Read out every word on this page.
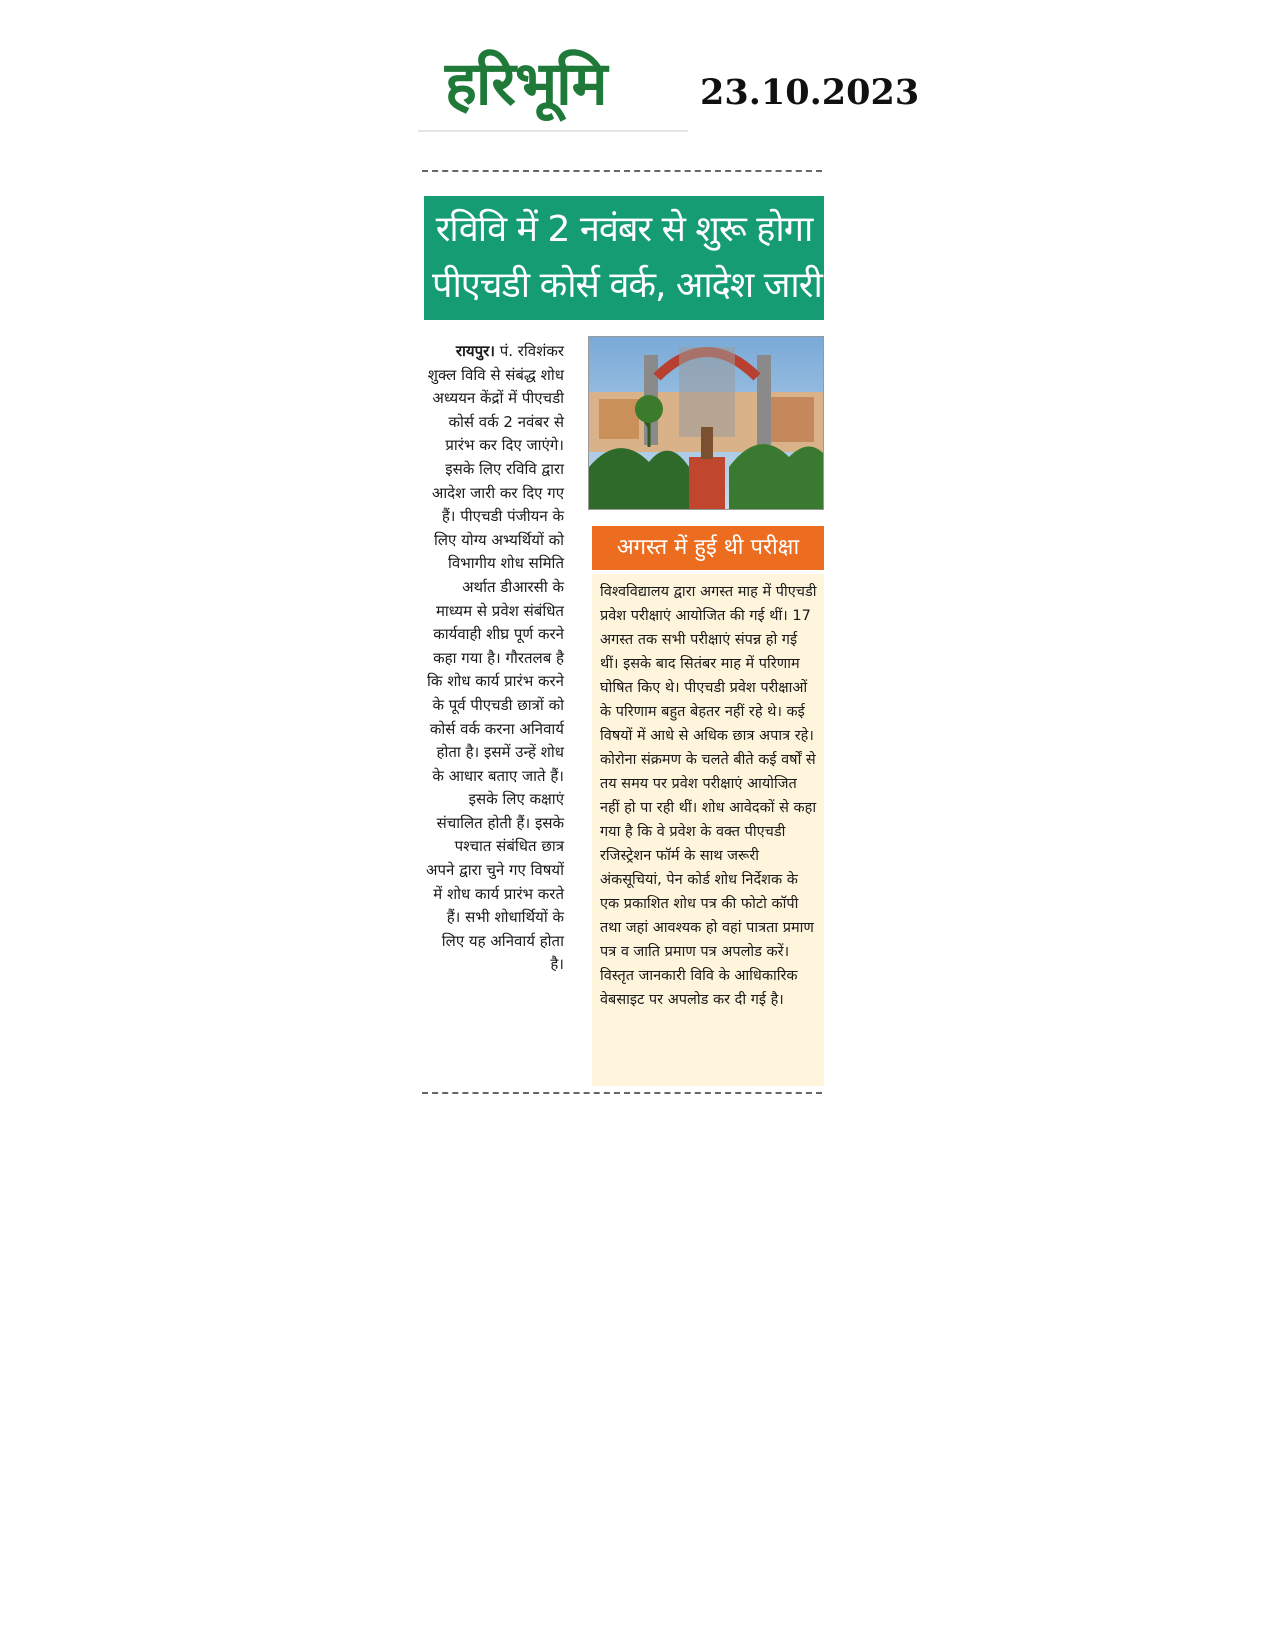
हरिभूमि	23.10.2023
रविवि में 2 नवंबर से शुरू होगा
पीएचडी कोर्स वर्क, आदेश जारी
रायपुर। पं. रविशंकर शुक्ल विवि से संबंद्ध शोध अध्ययन केंद्रों में पीएचडी कोर्स वर्क 2 नवंबर से प्रारंभ कर दिए जाएंगे। इसके लिए रविवि द्वारा आदेश जारी कर दिए गए हैं। पीएचडी पंजीयन के लिए योग्य अभ्यर्थियों को विभागीय शोध समिति अर्थात डीआरसी के माध्यम से प्रवेश संबंधित कार्यवाही शीघ्र पूर्ण करने कहा गया है। गौरतलब है कि शोध कार्य प्रारंभ करने के पूर्व पीएचडी छात्रों को कोर्स वर्क करना अनिवार्य होता है। इसमें उन्हें शोध के आधार बताए जाते हैं। इसके लिए कक्षाएं संचालित होती हैं। इसके पश्चात संबंधित छात्र अपने द्वारा चुने गए विषयों में शोध कार्य प्रारंभ करते हैं। सभी शोधार्थियों के लिए यह अनिवार्य होता है।
अगस्त में हुई थी परीक्षा
विश्वविद्यालय द्वारा अगस्त माह में पीएचडी प्रवेश परीक्षाएं आयोजित की गई थीं। 17 अगस्त तक सभी परीक्षाएं संपन्न हो गई थीं। इसके बाद सितंबर माह में परिणाम घोषित किए थे। पीएचडी प्रवेश परीक्षाओं के परिणाम बहुत बेहतर नहीं रहे थे। कई विषयों में आधे से अधिक छात्र अपात्र रहे। कोरोना संक्रमण के चलते बीते कई वर्षों से तय समय पर प्रवेश परीक्षाएं आयोजित नहीं हो पा रही थीं। शोध आवेदकों से कहा गया है कि वे प्रवेश के वक्त पीएचडी रजिस्ट्रेशन फॉर्म के साथ जरूरी अंकसूचियां, पेन कोर्ड शोध निर्देशक के एक प्रकाशित शोध पत्र की फोटो कॉपी तथा जहां आवश्यक हो वहां पात्रता प्रमाण पत्र व जाति प्रमाण पत्र अपलोड करें। विस्तृत जानकारी विवि के आधिकारिक वेबसाइट पर अपलोड कर दी गई है।
